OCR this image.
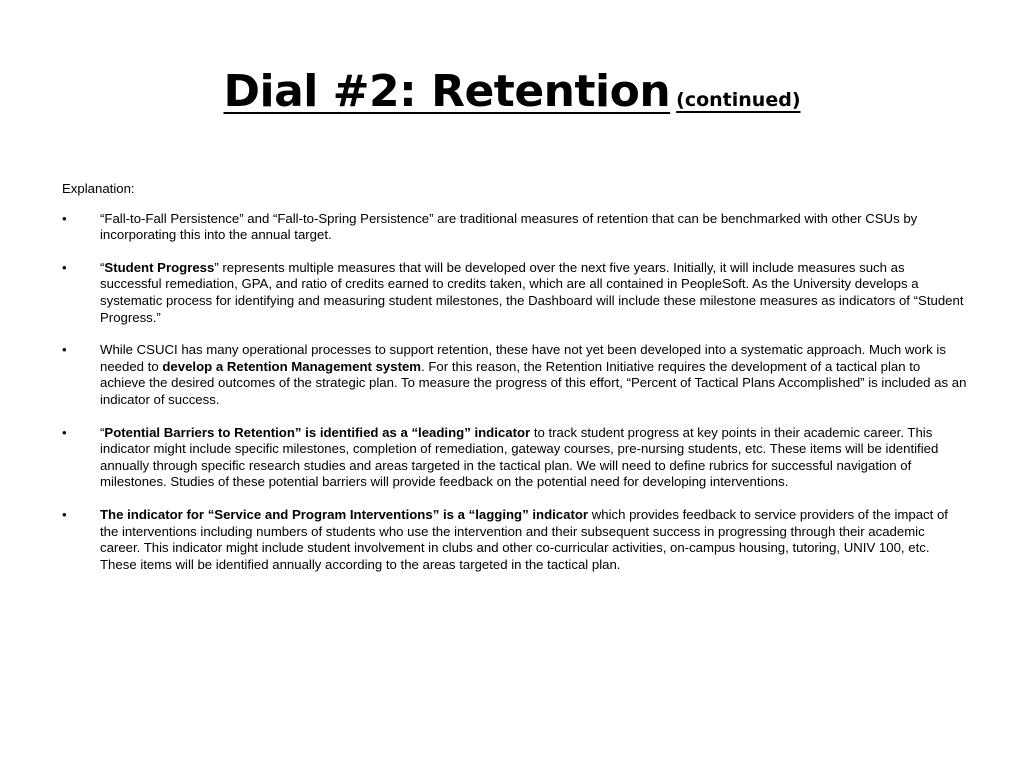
Dial #2: Retention (continued)

Explanation:

•	“Fall-to-Fall Persistence” and “Fall-to-Spring Persistence” are traditional measures of retention that can be benchmarked with other CSUs by incorporating this into the annual target.
•	“Student Progress” represents multiple measures that will be developed over the next five years. Initially, it will include measures such as successful remediation, GPA, and ratio of credits earned to credits taken, which are all contained in PeopleSoft. As the University develops a systematic process for identifying and measuring student milestones, the Dashboard will include these milestone measures as indicators of “Student Progress.”
•	While CSUCI has many operational processes to support retention, these have not yet been developed into a systematic approach. Much work is needed to develop a Retention Management system. For this reason, the Retention Initiative requires the development of a tactical plan to achieve the desired outcomes of the strategic plan. To measure the progress of this effort, “Percent of Tactical Plans Accomplished” is included as an indicator of success.
•	“Potential Barriers to Retention” is identified as a “leading” indicator to track student progress at key points in their academic career. This indicator might include specific milestones, completion of remediation, gateway courses, pre-nursing students, etc. These items will be identified annually through specific research studies and areas targeted in the tactical plan. We will need to define rubrics for successful navigation of milestones. Studies of these potential barriers will provide feedback on the potential need for developing interventions.
•	The indicator for “Service and Program Interventions” is a “lagging” indicator which provides feedback to service providers of the impact of the interventions including numbers of students who use the intervention and their subsequent success in progressing through their academic career. This indicator might include student involvement in clubs and other co-curricular activities, on-campus housing, tutoring, UNIV 100, etc. These items will be identified annually according to the areas targeted in the tactical plan.
